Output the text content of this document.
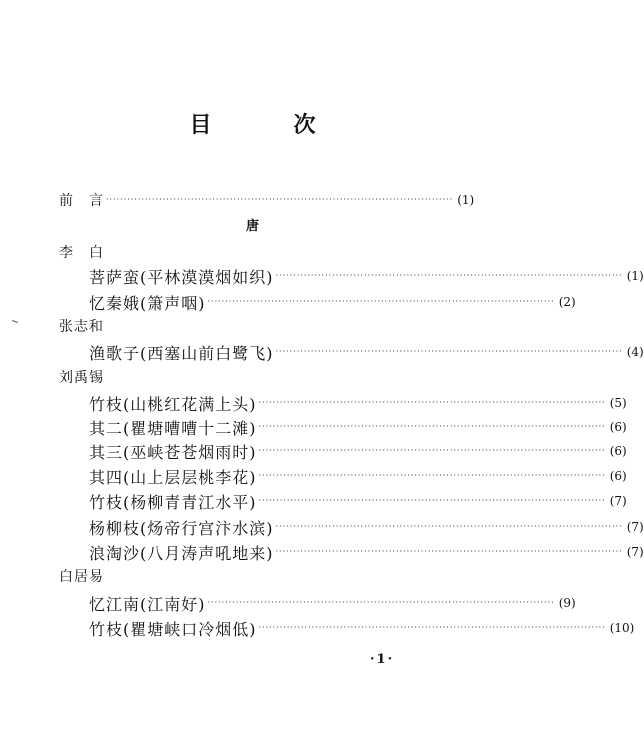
目　次
前　言 ·································································································· (1)
唐
李　白
菩萨蛮(平林漠漠烟如织) ·································································································· (1)
忆秦娥(箫声咽) ·································································································· (2)
张志和
渔歌子(西塞山前白鹭飞) ·································································································· (4)
刘禹锡
竹枝(山桃红花满上头) ·································································································· (5)
其二(瞿塘嘈嘈十二滩) ·································································································· (6)
其三(巫峡苍苍烟雨时) ·································································································· (6)
其四(山上层层桃李花) ·································································································· (6)
竹枝(杨柳青青江水平) ·································································································· (7)
杨柳枝(炀帝行宫汴水滨) ·································································································· (7)
浪淘沙(八月涛声吼地来) ·································································································· (7)
白居易
忆江南(江南好) ·································································································· (9)
竹枝(瞿塘峡口冷烟低) ·································································································· (10)
·1·
